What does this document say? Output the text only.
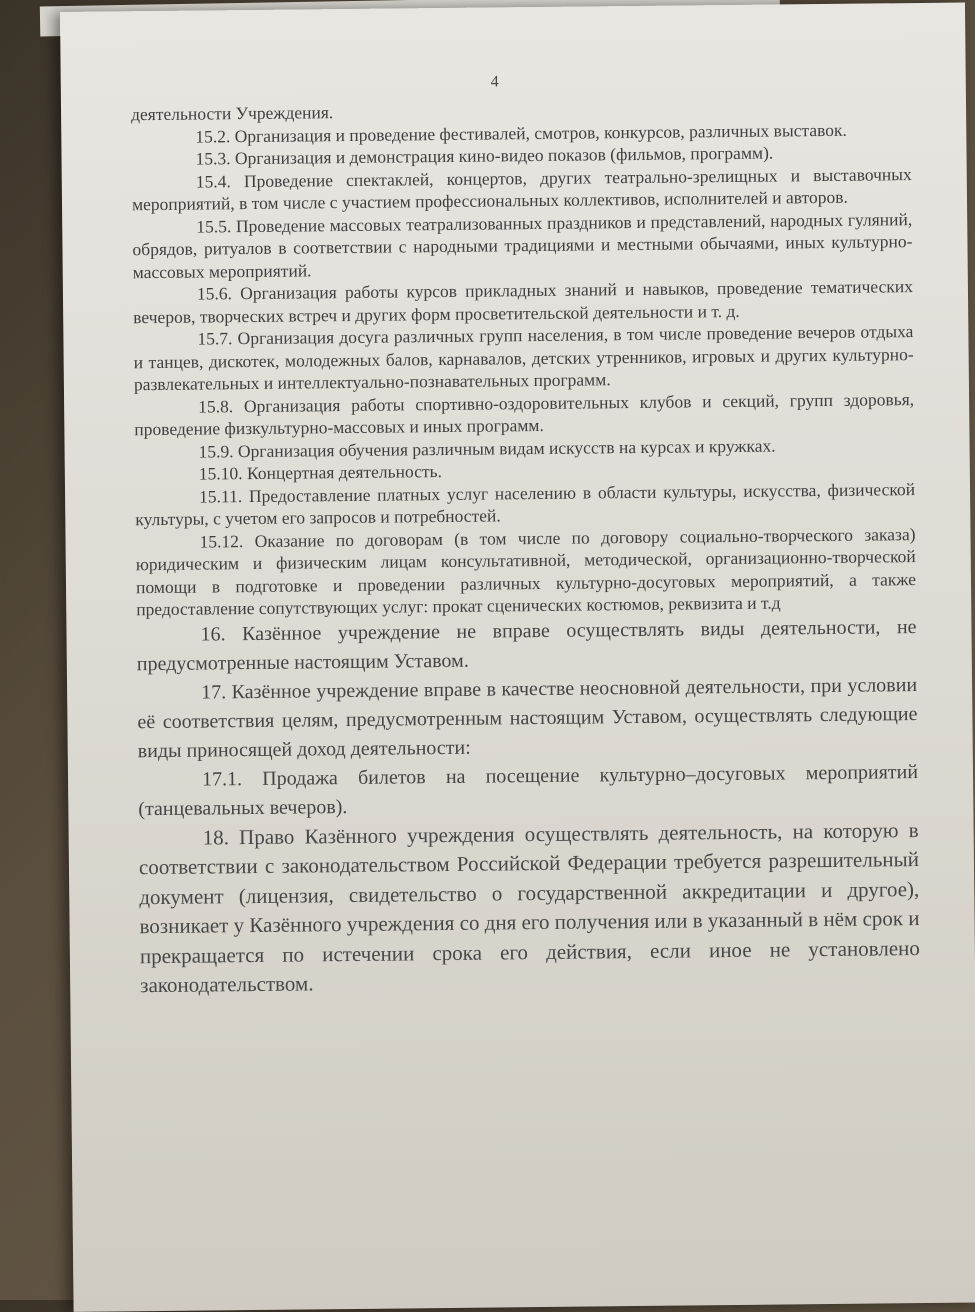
4

деятельности Учреждения.

15.2. Организация и проведение фестивалей, смотров, конкурсов, различных выставок.

15.3. Организация и демонстрация кино-видео показов (фильмов, программ).

15.4. Проведение спектаклей, концертов, других театрально-зрелищных и выставочных мероприятий, в том числе с участием профессиональных коллективов, исполнителей и авторов.

15.5. Проведение массовых театрализованных праздников и представлений, народных гуляний, обрядов, ритуалов в соответствии с народными традициями и местными обычаями, иных культурно-массовых мероприятий.

15.6. Организация работы курсов прикладных знаний и навыков, проведение тематических вечеров, творческих встреч и других форм просветительской деятельности и т. д.

15.7. Организация досуга различных групп населения, в том числе проведение вечеров отдыха и танцев, дискотек, молодежных балов, карнавалов, детских утренников, игровых и других культурно-развлекательных и интеллектуально-познавательных программ.

15.8. Организация работы спортивно-оздоровительных клубов и секций, групп здоровья, проведение физкультурно-массовых и иных программ.

15.9. Организация обучения различным видам искусств на курсах и кружках.

15.10. Концертная деятельность.

15.11. Предоставление платных услуг населению в области культуры, искусства, физической культуры, с учетом его запросов и потребностей.

15.12. Оказание по договорам (в том числе по договору социально-творческого заказа) юридическим и физическим лицам консультативной, методической, организационно-творческой помощи в подготовке и проведении различных культурно-досуговых мероприятий, а также предоставление сопутствующих услуг: прокат сценических костюмов, реквизита и т.д

16. Казённое учреждение не вправе осуществлять виды деятельности, не предусмотренные настоящим Уставом.

17. Казённое учреждение вправе в качестве неосновной деятельности, при условии её соответствия целям, предусмотренным настоящим Уставом, осуществлять следующие виды приносящей доход деятельности:

17.1. Продажа билетов на посещение культурно–досуговых мероприятий (танцевальных вечеров).

18. Право Казённого учреждения осуществлять деятельность, на которую в соответствии с законодательством Российской Федерации требуется разрешительный документ (лицензия, свидетельство о государственной аккредитации и другое), возникает у Казённого учреждения со дня его получения или в указанный в нём срок и прекращается по истечении срока его действия, если иное не установлено законодательством.
